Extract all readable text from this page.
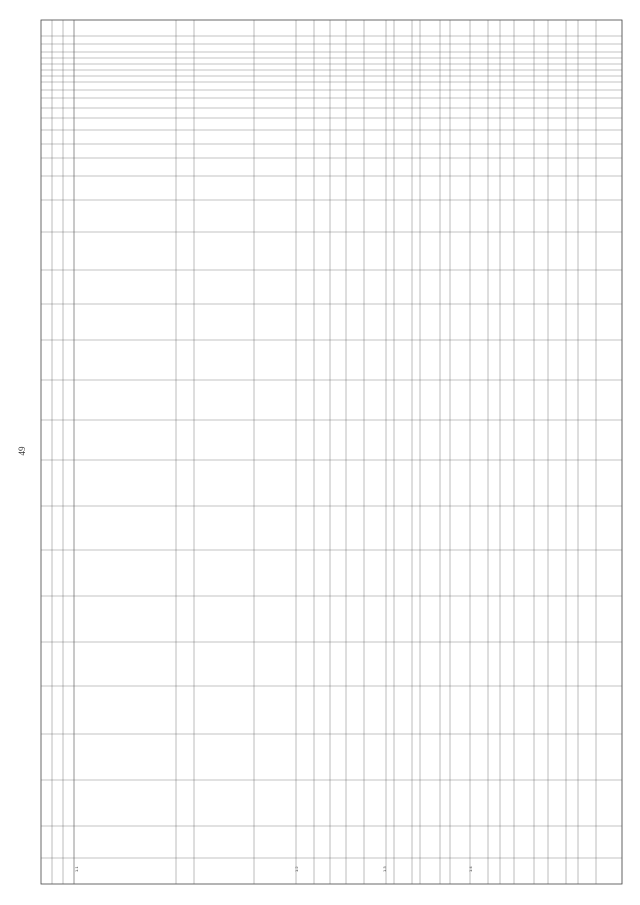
49
1.1	1.2	1.3	1.4
